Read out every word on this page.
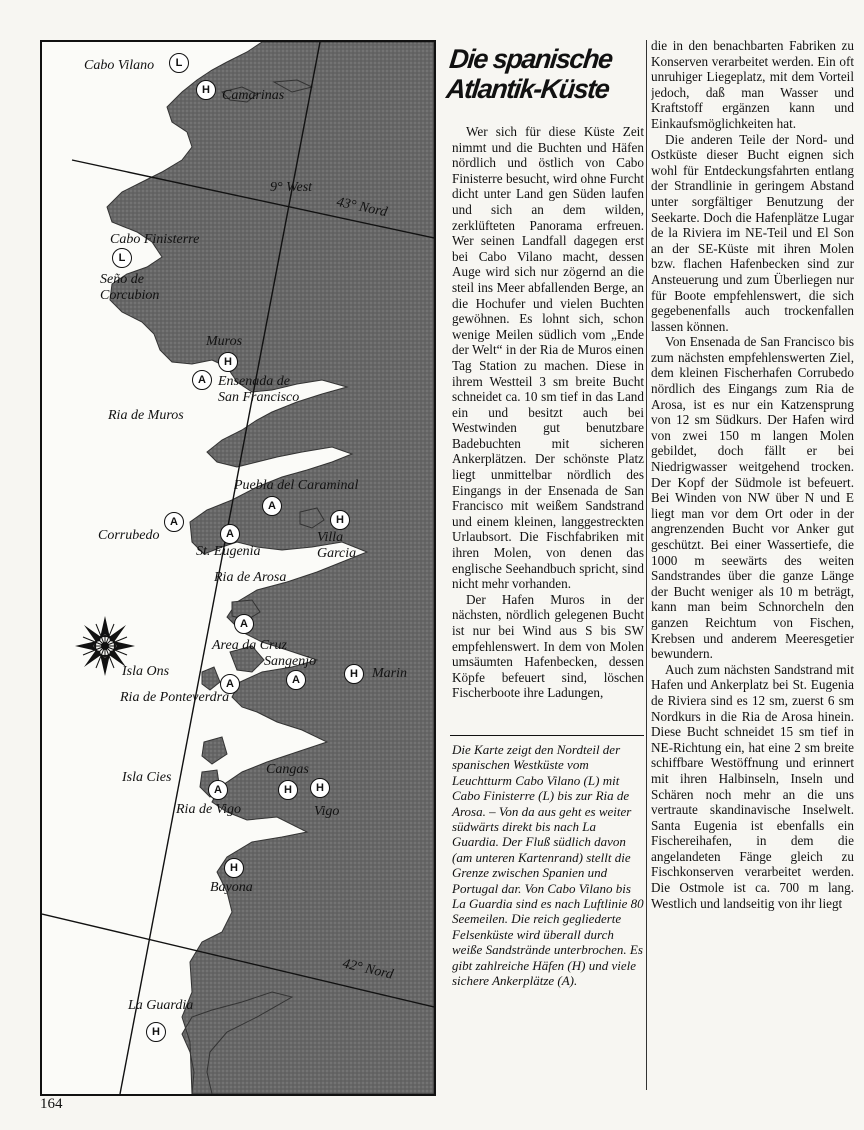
Cabo Vilano	L
H Camarinas
9° West
43° Nord
Cabo Finisterre
L
Seño de
Corcubion
Muros
H
A Ensenada de
San Francisco
Ria de Muros
Puebla del Caraminal
A
H
A
A
Corrubedo	Villa
Garcia
St. Eugenia
Ria de Arosa
A
Area da Cruz
Sangenjo
Isla Ons	H	Marin
A
A
Ria de Ponteverdra
Cangas
Isla Cies
H	H
A
Ria de Vigo	Vigo
H
Bayona
42° Nord
La Guardia
H
Die spanische
Atlantik-Küste

Wer sich für diese Küste Zeit nimmt und die Buchten und Häfen nördlich und östlich von Cabo Finisterre besucht, wird ohne Furcht dicht unter Land gen Süden laufen und sich an dem wilden, zerklüfteten Panorama erfreuen. Wer seinen Landfall dagegen erst bei Cabo Vilano macht, dessen Auge wird sich nur zögernd an die steil ins Meer abfallenden Berge, an die Hochufer und vielen Buchten gewöhnen. Es lohnt sich, schon wenige Meilen südlich vom „Ende der Welt“ in der Ria de Muros einen Tag Station zu machen. Diese in ihrem Westteil 3 sm breite Bucht schneidet ca. 10 sm tief in das Land ein und besitzt auch bei Westwinden gut benutzbare Badebuchten mit sicheren Ankerplätzen. Der schönste Platz liegt unmittelbar nördlich des Eingangs in der Ensenada de San Francisco mit weißem Sandstrand und einem kleinen, langgestreckten Urlaubsort. Die Fischfabriken mit ihren Molen, von denen das englische Seehandbuch spricht, sind nicht mehr vorhanden.

Der Hafen Muros in der nächsten, nördlich gelegenen Bucht ist nur bei Wind aus S bis SW empfehlenswert. In dem von Molen umsäumten Hafenbecken, dessen Köpfe befeuert sind, löschen Fischerboote ihre Ladungen,

Die Karte zeigt den Nordteil der spanischen Westküste vom Leuchtturm Cabo Vilano (L) mit Cabo Finisterre (L) bis zur Ria de Arosa. – Von da aus geht es weiter südwärts direkt bis nach La Guardia. Der Fluß südlich davon (am unteren Kartenrand) stellt die Grenze zwischen Spanien und Portugal dar. Von Cabo Vilano bis La Guardia sind es nach Luftlinie 80 Seemeilen. Die reich gegliederte Felsenküste wird überall durch weiße Sandstrände unterbrochen. Es gibt zahlreiche Häfen (H) und viele sichere Ankerplätze (A).

die in den benachbarten Fabriken zu Konserven verarbeitet werden. Ein oft unruhiger Liegeplatz, mit dem Vorteil jedoch, daß man Wasser und Kraftstoff ergänzen kann und Einkaufsmöglichkeiten hat.

Die anderen Teile der Nord- und Ostküste dieser Bucht eignen sich wohl für Entdeckungsfahrten entlang der Strandlinie in geringem Abstand unter sorgfältiger Benutzung der Seekarte. Doch die Hafenplätze Lugar de la Riviera im NE-Teil und El Son an der SE-Küste mit ihren Molen bzw. flachen Hafenbecken sind zur Ansteuerung und zum Überliegen nur für Boote empfehlenswert, die sich gegebenenfalls auch trockenfallen lassen können.

Von Ensenada de San Francisco bis zum nächsten empfehlenswerten Ziel, dem kleinen Fischerhafen Corrubedo nördlich des Eingangs zum Ria de Arosa, ist es nur ein Katzensprung von 12 sm Südkurs. Der Hafen wird von zwei 150 m langen Molen gebildet, doch fällt er bei Niedrigwasser weitgehend trocken. Der Kopf der Südmole ist befeuert. Bei Winden von NW über N und E liegt man vor dem Ort oder in der angrenzenden Bucht vor Anker gut geschützt. Bei einer Wassertiefe, die 1000 m seewärts des weiten Sandstrandes über die ganze Länge der Bucht weniger als 10 m beträgt, kann man beim Schnorcheln den ganzen Reichtum von Fischen, Krebsen und anderem Meeresgetier bewundern.

Auch zum nächsten Sandstrand mit Hafen und Ankerplatz bei St. Eugenia de Riviera sind es 12 sm, zuerst 6 sm Nordkurs in die Ria de Arosa hinein. Diese Bucht schneidet 15 sm tief in NE-Richtung ein, hat eine 2 sm breite schiffbare Westöffnung und erinnert mit ihren Halbinseln, Inseln und Schären noch mehr an die uns vertraute skandinavische Inselwelt. Santa Eugenia ist ebenfalls ein Fischereihafen, in dem die angelandeten Fänge gleich zu Fischkonserven verarbeitet werden. Die Ostmole ist ca. 700 m lang. Westlich und landseitig von ihr liegt

164
